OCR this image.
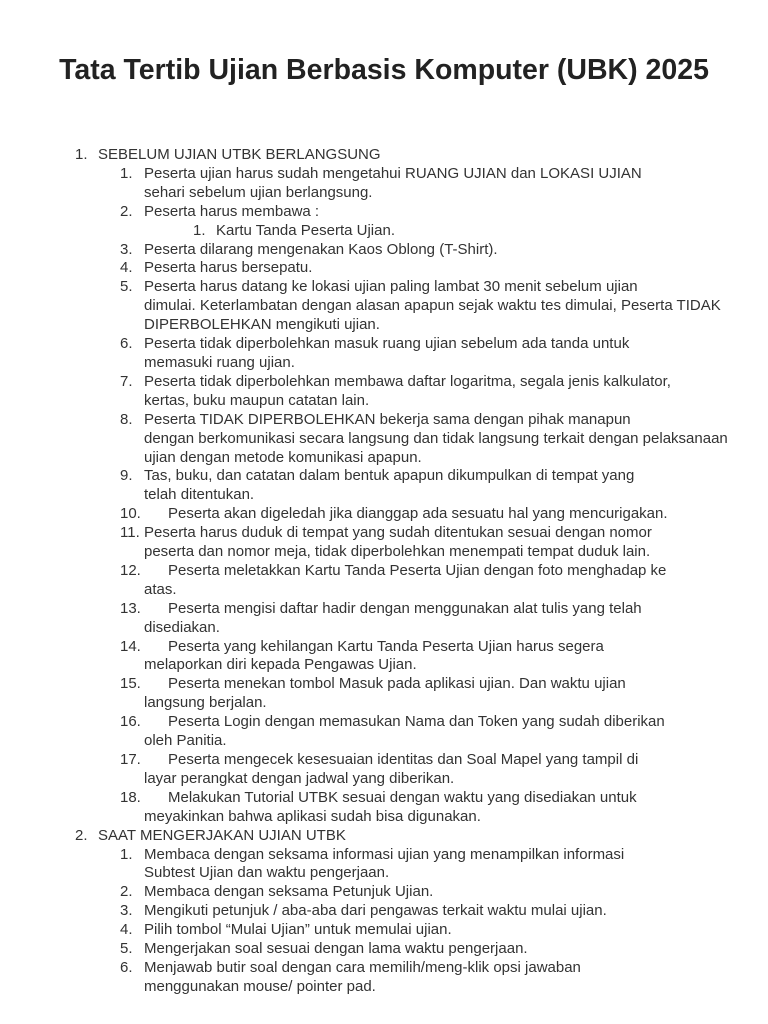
Tata Tertib Ujian Berbasis Komputer (UBK) 2025
1. SEBELUM UJIAN UTBK BERLANGSUNG
1. Peserta ujian harus sudah mengetahui RUANG UJIAN dan LOKASI UJIAN
sehari sebelum ujian berlangsung.
2. Peserta harus membawa :
1. Kartu Tanda Peserta Ujian.
3. Peserta dilarang mengenakan Kaos Oblong (T-Shirt).
4. Peserta harus bersepatu.
5. Peserta harus datang ke lokasi ujian paling lambat 30 menit sebelum ujian
dimulai. Keterlambatan dengan alasan apapun sejak waktu tes dimulai, Peserta TIDAK DIPERBOLEHKAN mengikuti ujian.
6. Peserta tidak diperbolehkan masuk ruang ujian sebelum ada tanda untuk
memasuki ruang ujian.
7. Peserta tidak diperbolehkan membawa daftar logaritma, segala jenis kalkulator,
kertas, buku maupun catatan lain.
8. Peserta TIDAK DIPERBOLEHKAN bekerja sama dengan pihak manapun
dengan berkomunikasi secara langsung dan tidak langsung terkait dengan pelaksanaan ujian dengan metode komunikasi apapun.
9. Tas, buku, dan catatan dalam bentuk apapun dikumpulkan di tempat yang
telah ditentukan.
10. Peserta akan digeledah jika dianggap ada sesuatu hal yang mencurigakan.
11. Peserta harus duduk di tempat yang sudah ditentukan sesuai dengan nomor
peserta dan nomor meja, tidak diperbolehkan menempati tempat duduk lain.
12. Peserta meletakkan Kartu Tanda Peserta Ujian dengan foto menghadap ke
atas.
13. Peserta mengisi daftar hadir dengan menggunakan alat tulis yang telah
disediakan.
14. Peserta yang kehilangan Kartu Tanda Peserta Ujian harus segera
melaporkan diri kepada Pengawas Ujian.
15. Peserta menekan tombol Masuk pada aplikasi ujian. Dan waktu ujian
langsung berjalan.
16. Peserta Login dengan memasukan Nama dan Token yang sudah diberikan
oleh Panitia.
17. Peserta mengecek kesesuaian identitas dan Soal Mapel yang tampil di
layar perangkat dengan jadwal yang diberikan.
18. Melakukan Tutorial UTBK sesuai dengan waktu yang disediakan untuk
meyakinkan bahwa aplikasi sudah bisa digunakan.
2. SAAT MENGERJAKAN UJIAN UTBK
1. Membaca dengan seksama informasi ujian yang menampilkan informasi
Subtest Ujian dan waktu pengerjaan.
2. Membaca dengan seksama Petunjuk Ujian.
3. Mengikuti petunjuk / aba-aba dari pengawas terkait waktu mulai ujian.
4. Pilih tombol “Mulai Ujian” untuk memulai ujian.
5. Mengerjakan soal sesuai dengan lama waktu pengerjaan.
6. Menjawab butir soal dengan cara memilih/meng-klik opsi jawaban
menggunakan mouse/ pointer pad.
